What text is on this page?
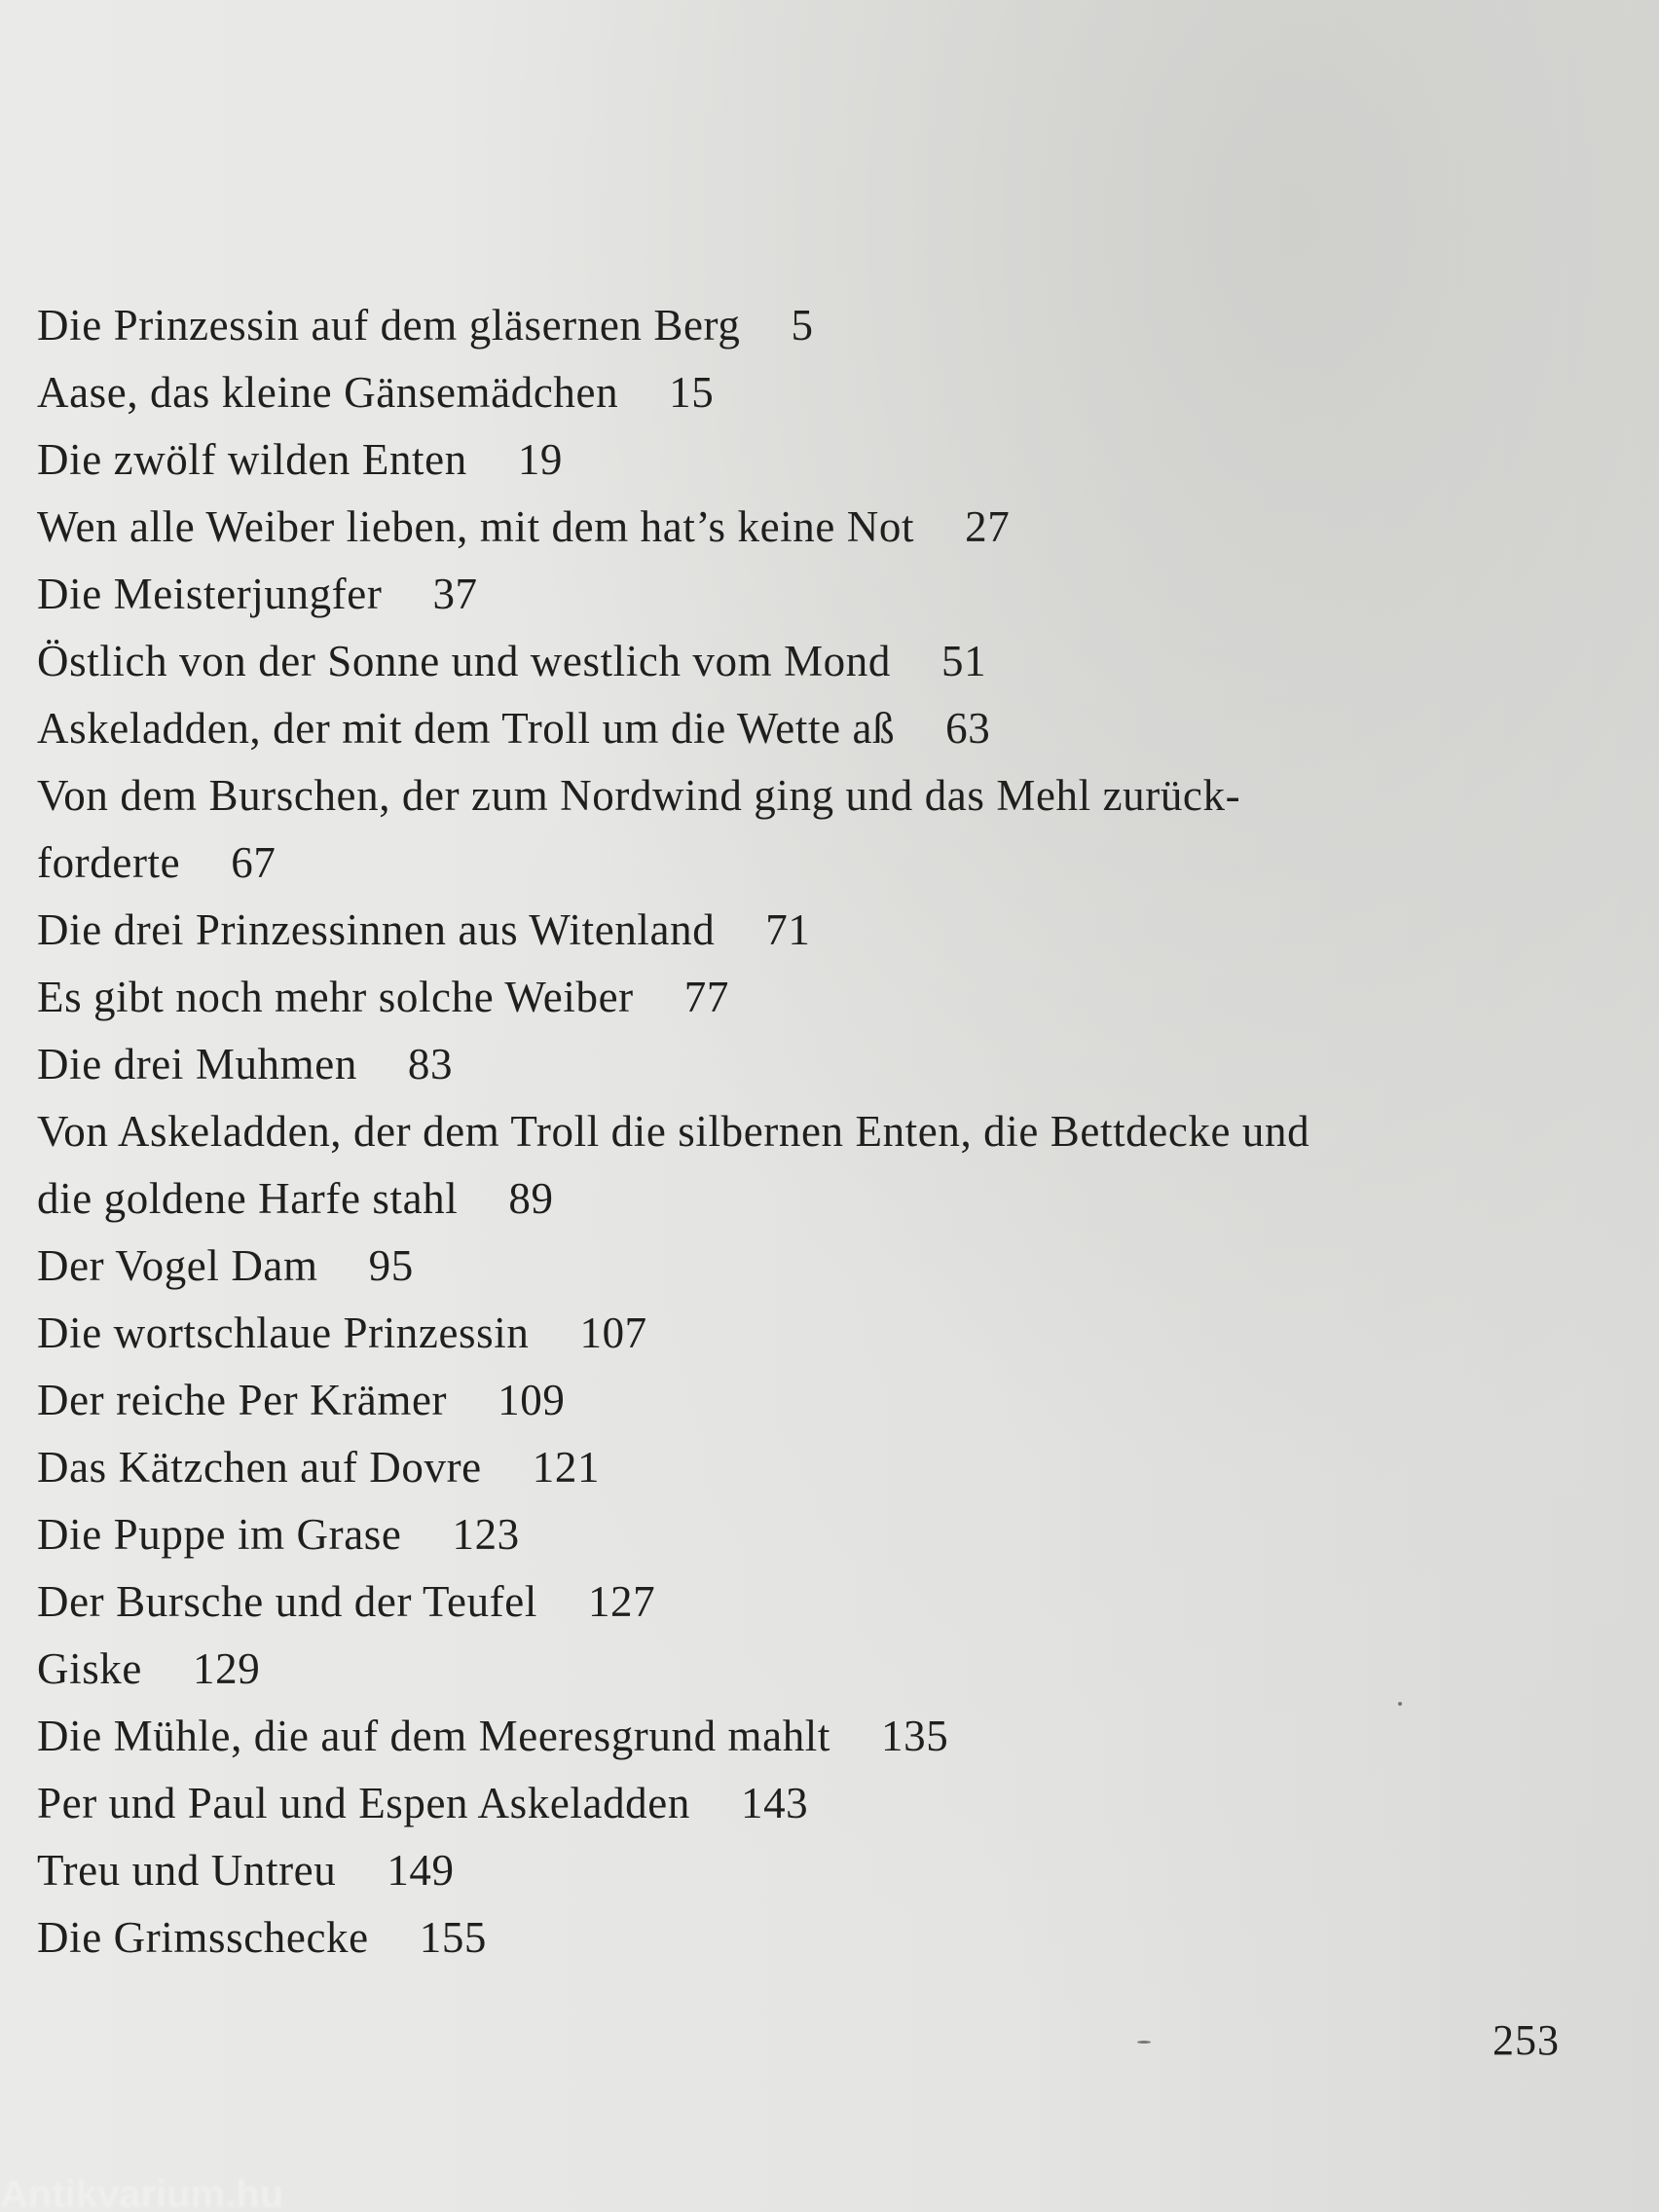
Die Prinzessin auf dem gläsernen Berg 5
Aase, das kleine Gänsemädchen 15
Die zwölf wilden Enten 19
Wen alle Weiber lieben, mit dem hat’s keine Not 27
Die Meisterjungfer 37
Östlich von der Sonne und westlich vom Mond 51
Askeladden, der mit dem Troll um die Wette aß 63
Von dem Burschen, der zum Nordwind ging und das Mehl zurück-
forderte 67
Die drei Prinzessinnen aus Witenland 71
Es gibt noch mehr solche Weiber 77
Die drei Muhmen 83
Von Askeladden, der dem Troll die silbernen Enten, die Bettdecke und
die goldene Harfe stahl 89
Der Vogel Dam 95
Die wortschlaue Prinzessin 107
Der reiche Per Krämer 109
Das Kätzchen auf Dovre 121
Die Puppe im Grase 123
Der Bursche und der Teufel 127
Giske 129
Die Mühle, die auf dem Meeresgrund mahlt 135
Per und Paul und Espen Askeladden 143
Treu und Untreu 149
Die Grimsschecke 155
253
Antikvarium.hu
